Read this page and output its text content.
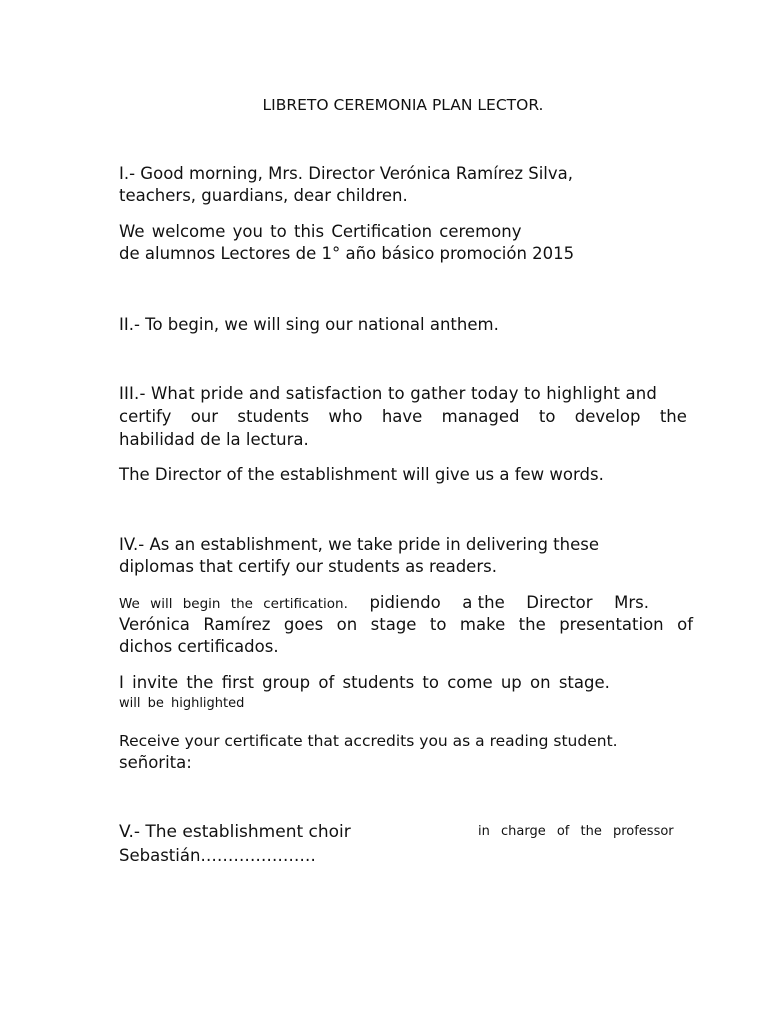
LIBRETO CEREMONIA PLAN LECTOR.
I.- Good morning, Mrs. Director Verónica Ramírez Silva,
teachers, guardians, dear children.
We welcome you to this Certification ceremony
de alumnos Lectores de 1° año básico promoción 2015
II.- To begin, we will sing our national anthem.
III.- What pride and satisfaction to gather today to highlight and
certify our students who have managed to develop the
habilidad de la lectura.
The Director of the establishment will give us a few words.
IV.- As an establishment, we take pride in delivering these
diplomas that certify our students as readers.
We will begin the certification. pidiendo a the Director Mrs.
Verónica Ramírez goes on stage to make the presentation of
dichos certificados.
I invite the first group of students to come up on stage.
will be highlighted
Receive your certificate that accredits you as a reading student.
señorita:
V.- The establishment choir	in charge of the professor
Sebastián…………………
